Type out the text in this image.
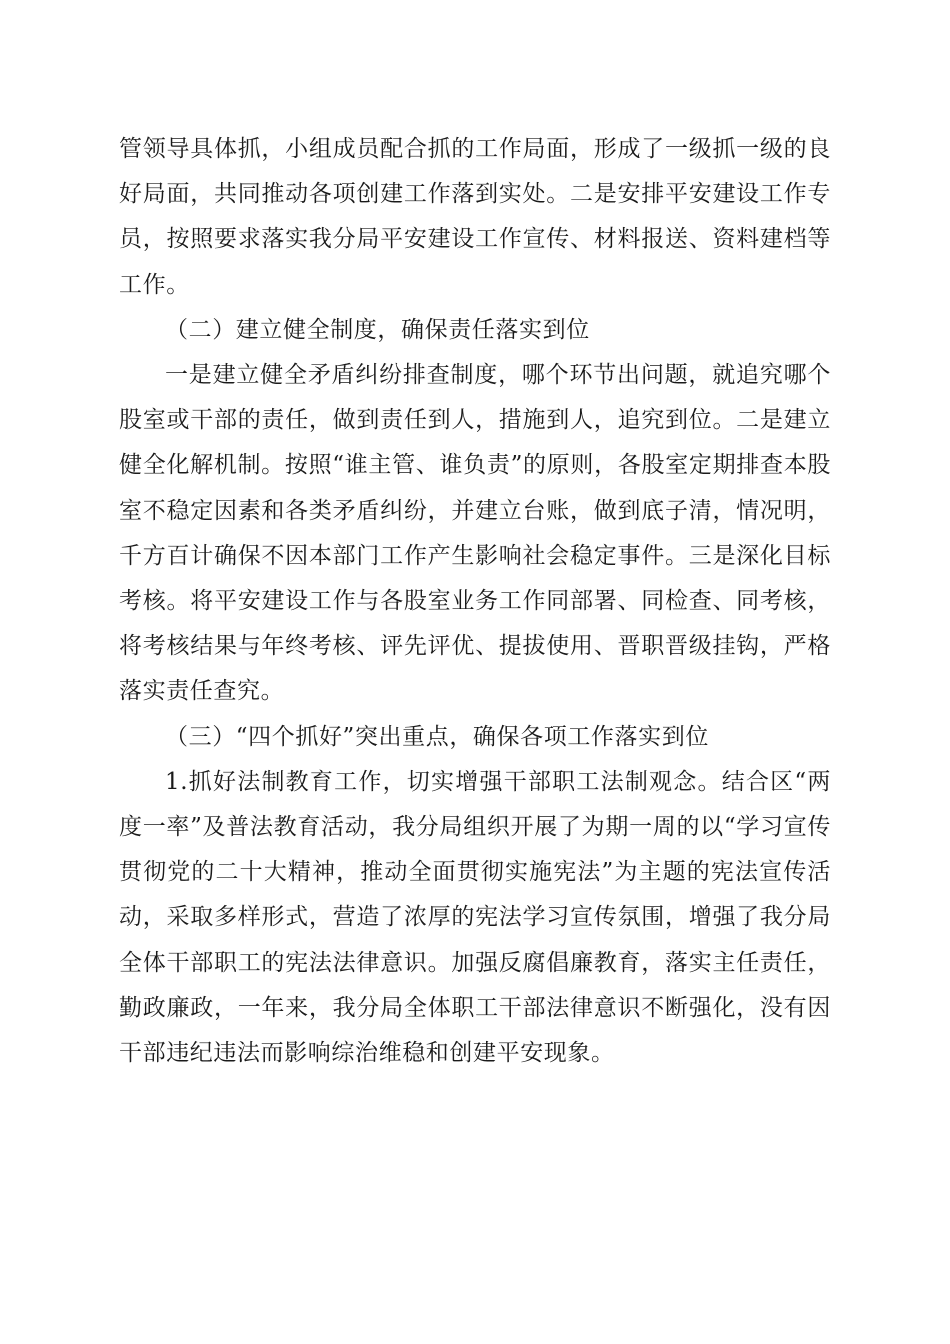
管领导具体抓，小组成员配合抓的工作局面，形成了一级抓一级的良好局面，共同推动各项创建工作落到实处。二是安排平安建设工作专员，按照要求落实我分局平安建设工作宣传、材料报送、资料建档等工作。

（二）建立健全制度，确保责任落实到位

一是建立健全矛盾纠纷排查制度，哪个环节出问题，就追究哪个股室或干部的责任，做到责任到人，措施到人，追究到位。二是建立健全化解机制。按照“谁主管、谁负责”的原则，各股室定期排查本股室不稳定因素和各类矛盾纠纷，并建立台账，做到底子清，情况明，千方百计确保不因本部门工作产生影响社会稳定事件。三是深化目标考核。将平安建设工作与各股室业务工作同部署、同检查、同考核，将考核结果与年终考核、评先评优、提拔使用、晋职晋级挂钩，严格落实责任查究。

（三）“四个抓好”突出重点，确保各项工作落实到位

1.抓好法制教育工作，切实增强干部职工法制观念。结合区“两度一率”及普法教育活动，我分局组织开展了为期一周的以“学习宣传贯彻党的二十大精神，推动全面贯彻实施宪法”为主题的宪法宣传活动，采取多样形式，营造了浓厚的宪法学习宣传氛围，增强了我分局全体干部职工的宪法法律意识。加强反腐倡廉教育，落实主任责任，勤政廉政，一年来，我分局全体职工干部法律意识不断强化，没有因干部违纪违法而影响综治维稳和创建平安现象。
